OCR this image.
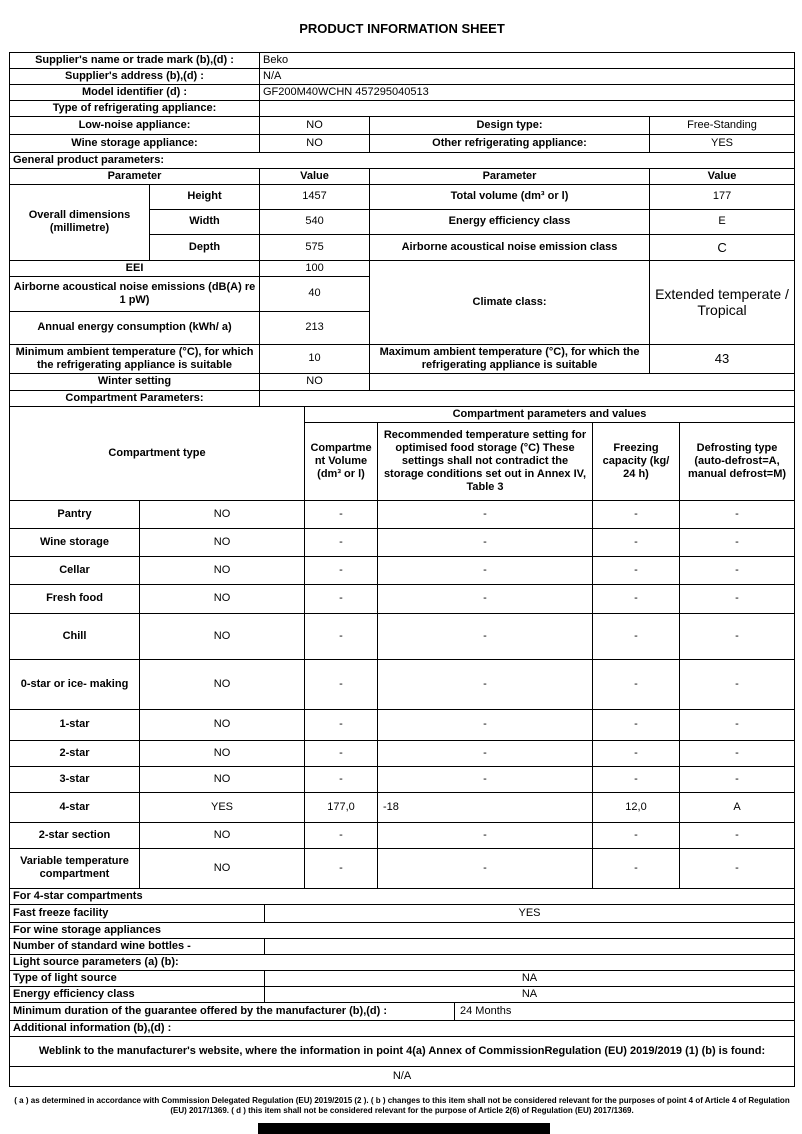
PRODUCT INFORMATION SHEET
Supplier's name or trade mark (b),(d) :	Beko
Supplier's address (b),(d) :	N/A
Model identifier (d) :	GF200M40WCHN 457295040513
Type of refrigerating appliance:	
Low-noise appliance:	NO	Design type:	Free-Standing
Wine storage appliance:	NO	Other refrigerating appliance:	YES
General product parameters:
Parameter		Value	Parameter	Value
Overall dimensions (millimetre)	Height	1457	Total volume (dm³ or l)	177
	Width	540	Energy efficiency class	E
	Depth	575	Airborne acoustical noise emission class	C
EEI		100	Climate class:	Extended temperate / Tropical
Airborne acoustical noise emissions (dB(A) re 1 pW)		40		
Annual energy consumption (kWh/ a)		213		
Minimum ambient temperature (°C), for which the refrigerating appliance is suitable		10	Maximum ambient temperature (°C), for which the refrigerating appliance is suitable	43
Winter setting		NO		
Compartment Parameters:	
Compartment type		Compartment parameters and values			
		Compartment Volume (dm³ or l)	Recommended temperature setting for optimised food storage (°C) These settings shall not contradict the storage conditions set out in Annex IV, Table 3	Freezing capacity (kg/ 24 h)	Defrosting type (auto-defrost=A, manual defrost=M)
Pantry	NO	-	-	-	-
Wine storage	NO	-	-	-	-
Cellar	NO	-	-	-	-
Fresh food	NO	-	-	-	-
Chill	NO	-	-	-	-
0-star or ice- making	NO	-	-	-	-
1-star	NO	-	-	-	-
2-star	NO	-	-	-	-
3-star	NO	-	-	-	-
4-star	YES	177,0	-18	12,0	A
2-star section	NO	-	-	-	-
Variable temperature compartment	NO	-	-	-	-
For 4-star compartments		
Fast freeze facility	YES	
For wine storage appliances		
Number of standard wine bottles -		
Light source parameters (a) (b):		
Type of light source	NA	
Energy efficiency class	NA	
Minimum duration of the guarantee offered by the manufacturer (b),(d) :		24 Months
Additional information (b),(d) :		
Weblink to the manufacturer's website, where the information in point 4(a) Annex of CommissionRegulation (EU) 2019/2019 (1) (b) is found:		
N/A		
( a ) as determined in accordance with Commission Delegated Regulation (EU) 2019/2015 (2 ). ( b ) changes to this item shall not be considered relevant for the purposes of point 4 of Article 4 of Regulation (EU) 2017/1369. ( d ) this item shall not be considered relevant for the purpose of Article 2(6) of Regulation (EU) 2017/1369.
